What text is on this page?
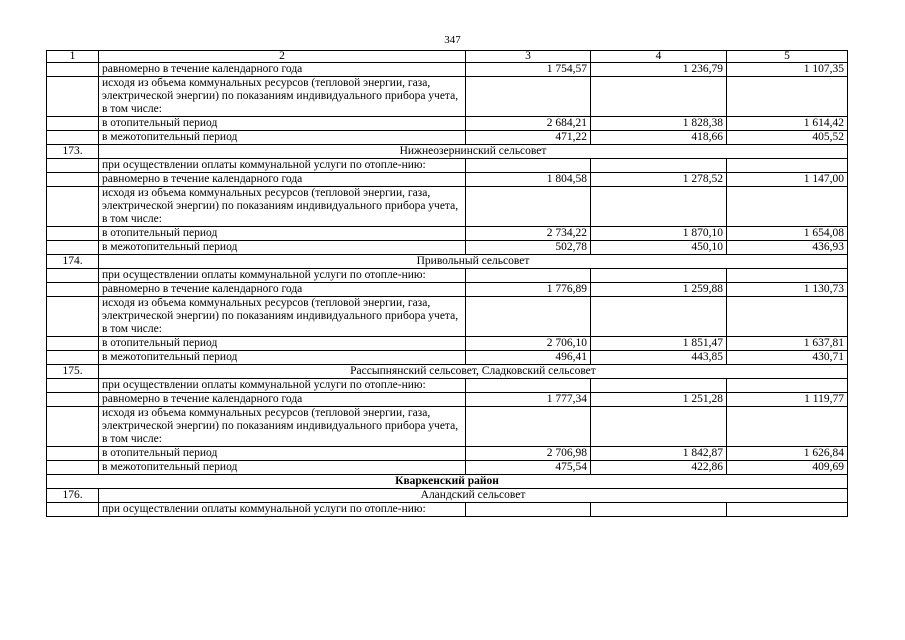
347
1	2	3	4	5
	равномерно в течение календарного года	1 754,57	1 236,79	1 107,35
	исходя из объема коммунальных ресурсов (тепловой энергии, газа, электрической энергии) по показаниям индивидуального прибора учета, в том числе:			
	в отопительный период	2 684,21	1 828,38	1 614,42
	в межотопительный период	471,22	418,66	405,52
173.	Нижнеозернинский сельсовет			
	при осуществлении оплаты коммунальной услуги по отопле-нию:			
	равномерно в течение календарного года	1 804,58	1 278,52	1 147,00
	исходя из объема коммунальных ресурсов (тепловой энергии, газа, электрической энергии) по показаниям индивидуального прибора учета, в том числе:			
	в отопительный период	2 734,22	1 870,10	1 654,08
	в межотопительный период	502,78	450,10	436,93
174.	Привольный сельсовет			
	при осуществлении оплаты коммунальной услуги по отопле-нию:			
	равномерно в течение календарного года	1 776,89	1 259,88	1 130,73
	исходя из объема коммунальных ресурсов (тепловой энергии, газа, электрической энергии) по показаниям индивидуального прибора учета, в том числе:			
	в отопительный период	2 706,10	1 851,47	1 637,81
	в межотопительный период	496,41	443,85	430,71
175.	Рассыпнянский сельсовет, Сладковский сельсовет			
	при осуществлении оплаты коммунальной услуги по отопле-нию:			
	равномерно в течение календарного года	1 777,34	1 251,28	1 119,77
	исходя из объема коммунальных ресурсов (тепловой энергии, газа, электрической энергии) по показаниям индивидуального прибора учета, в том числе:			
	в отопительный период	2 706,98	1 842,87	1 626,84
	в межотопительный период	475,54	422,86	409,69
Кваркенский район				
176.	Аландский сельсовет			
	при осуществлении оплаты коммунальной услуги по отопле-нию:			
